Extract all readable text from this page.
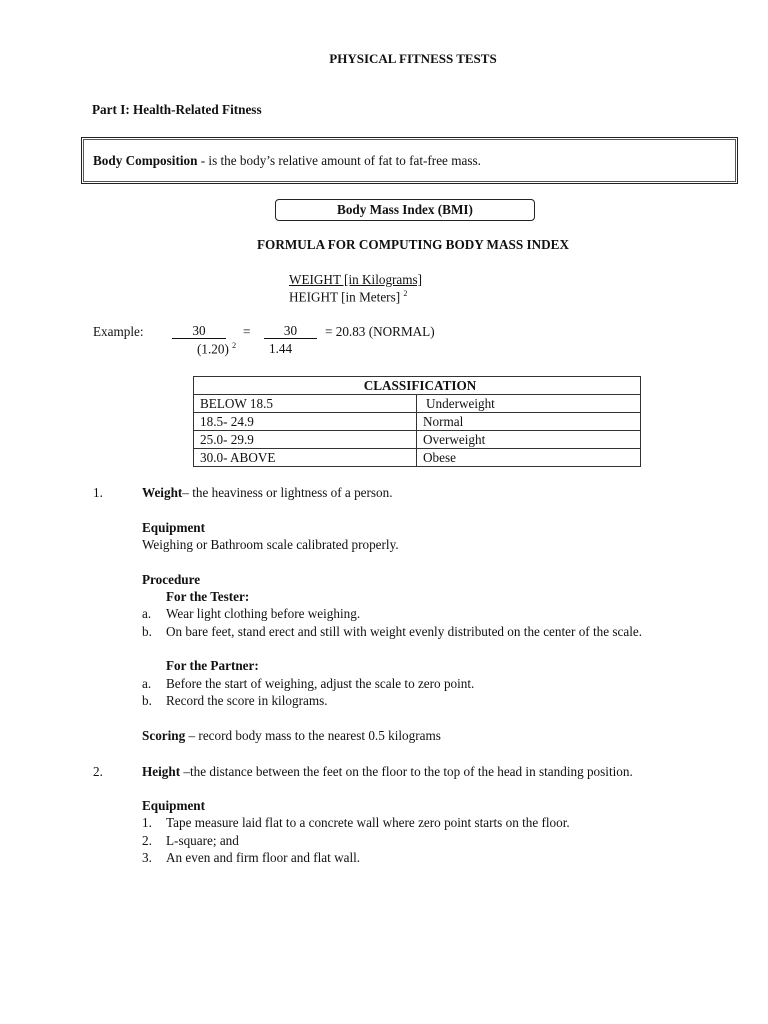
PHYSICAL FITNESS TESTS
Part I: Health-Related Fitness
Body Composition - is the body’s relative amount of fat to fat-free mass.
Body Mass Index (BMI)
FORMULA FOR COMPUTING BODY MASS INDEX
WEIGHT [in Kilograms]
HEIGHT [in Meters] $^2$
Example:	30	=	30	= 20.83 (NORMAL)
(1.20) $^2$ 1.44
CLASSIFICATION	
BELOW 18.5	Underweight
18.5- 24.9	Normal
25.0- 29.9	Overweight
30.0- ABOVE	Obese
1.	Weight– the heaviness or lightness of a person.
Equipment
Weighing or Bathroom scale calibrated properly.
Procedure
For the Tester:
a. Wear light clothing before weighing.
b. On bare feet, stand erect and still with weight evenly distributed on the center of the scale.
For the Partner:
a. Before the start of weighing, adjust the scale to zero point.
b. Record the score in kilograms.
Scoring – record body mass to the nearest 0.5 kilograms
2.	Height –the distance between the feet on the floor to the top of the head in standing position.
Equipment
1. Tape measure laid flat to a concrete wall where zero point starts on the floor.
2. L-square; and
3. An even and firm floor and flat wall.
